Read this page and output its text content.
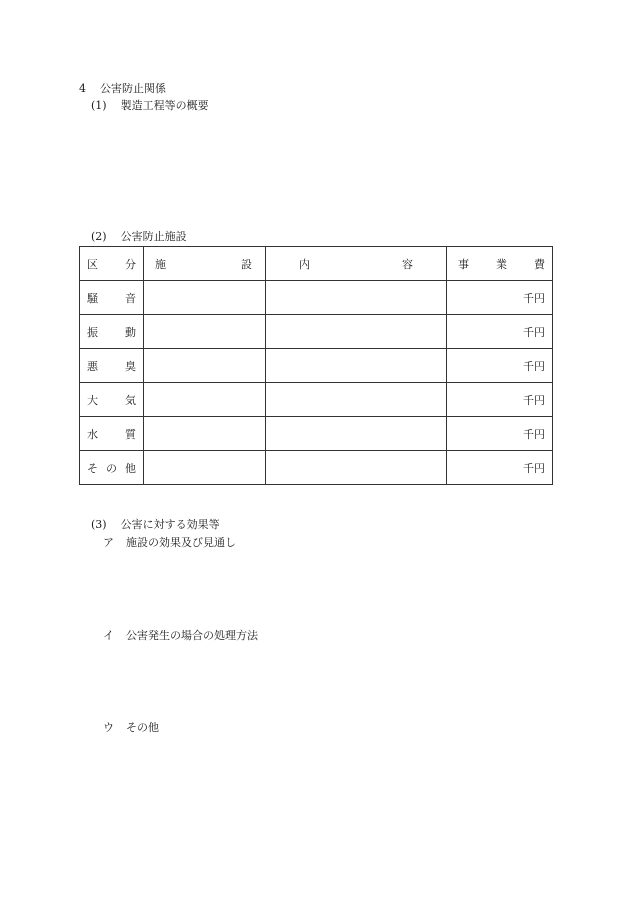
4 公害防止関係
(1) 製造工程等の概要
(2) 公害防止施設
区 分	施 設	内 容	事 業 費

騒 音			千円

振 動			千円

悪 臭			千円

大 気			千円

水 質			千円

そ の 他			千円
(3) 公害に対する効果等
ア 施設の効果及び見通し
イ 公害発生の場合の処理方法
ウ その他
